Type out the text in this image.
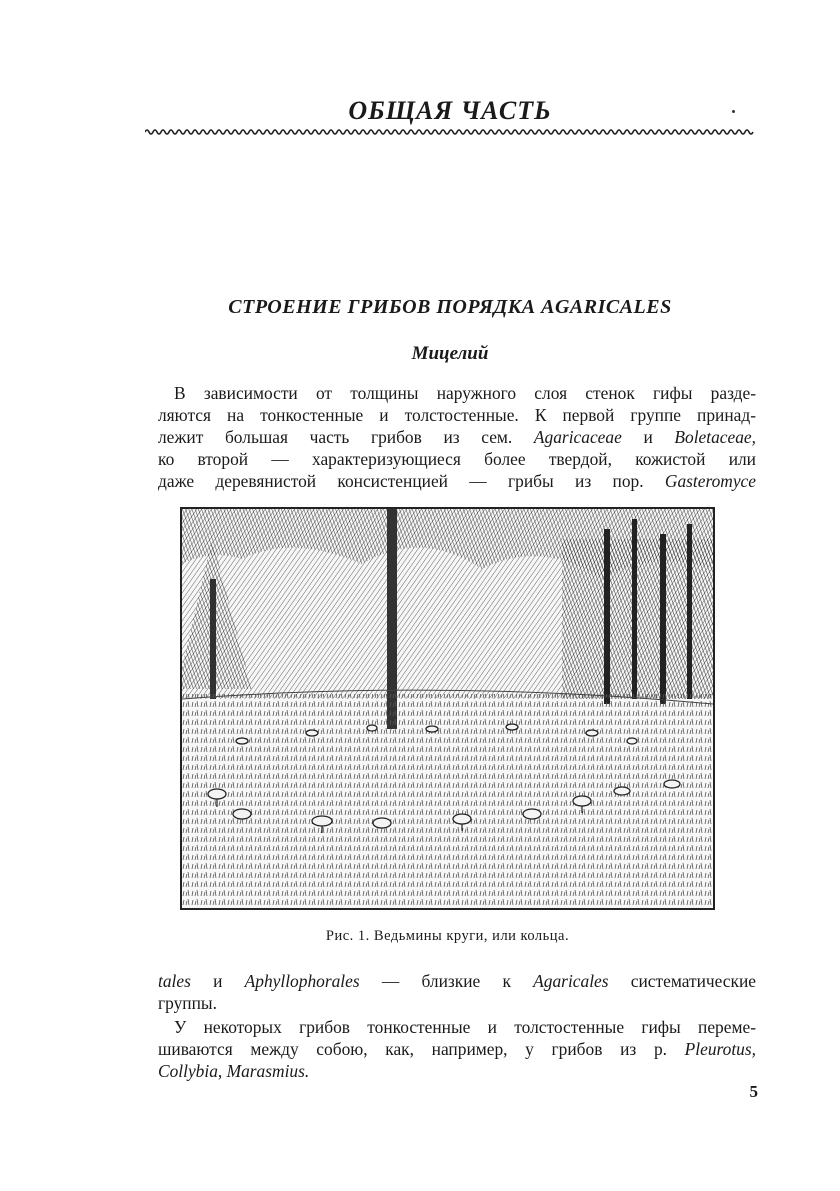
ОБЩАЯ ЧАСТЬ
СТРОЕНИЕ ГРИБОВ ПОРЯДКА AGARICALES
Мицелий
В зависимости от толщины наружного слоя стенок гифы разде-
ляются на тонкостенные и толстостенные. К первой группе принад-
лежит большая часть грибов из сем. Agaricaceae и Boletaceae,
ко второй — характеризующиеся более твердой, кожистой или
даже деревянистой консистенцией — грибы из пор. Gasteromyce
Рис. 1. Ведьмины круги, или кольца.
tales и Aphyllophorales — близкие к Agaricales систематические
группы.
У некоторых грибов тонкостенные и толстостенные гифы переме-
шиваются между собою, как, например, у грибов из р. Pleurotus,
Collybia, Marasmius.
5
